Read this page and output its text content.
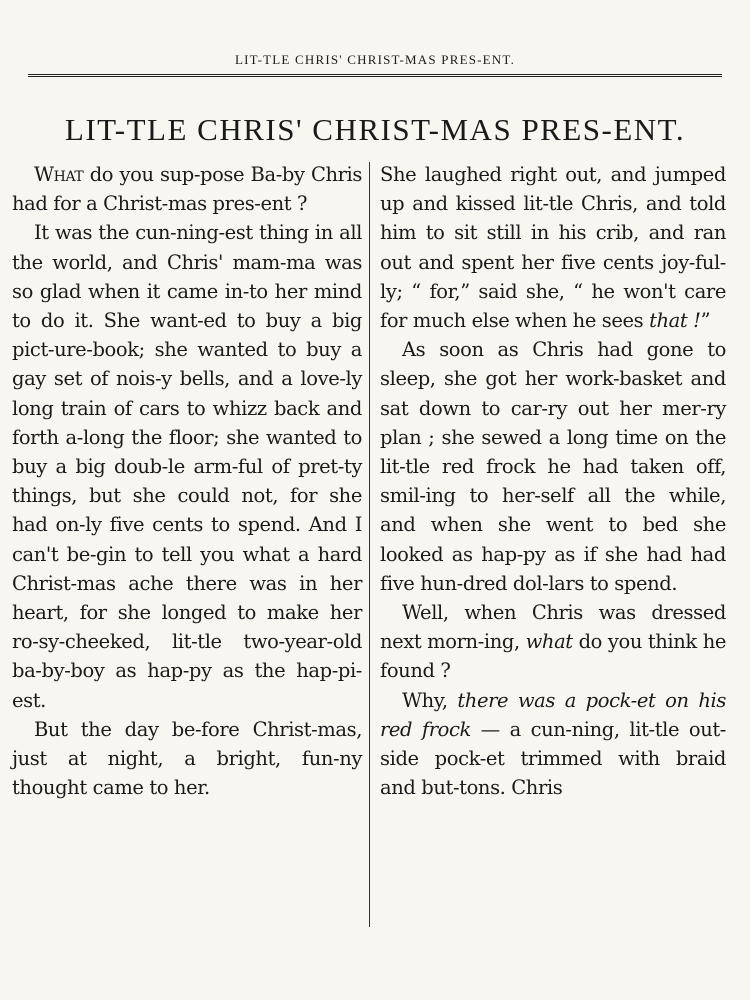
LIT-TLE CHRIS' CHRIST-MAS PRES-ENT.
LIT-TLE CHRIS' CHRIST-MAS PRES-ENT.

What do you sup-pose Ba-by Chris had for a Christ-mas pres-ent ?

It was the cun-ning-est thing in all the world, and Chris' mam-ma was so glad when it came in-to her mind to do it. She want-ed to buy a big pict-ure-book; she wanted to buy a gay set of nois-y bells, and a love-ly long train of cars to whizz back and forth a-long the floor; she wanted to buy a big doub-le arm-ful of pret-ty things, but she could not, for she had on-ly five cents to spend. And I can't be-gin to tell you what a hard Christ-mas ache there was in her heart, for she longed to make her ro-sy-cheeked, lit-tle two-year-old ba-by-boy as hap-py as the hap-pi-est.

But the day be-fore Christ-mas, just at night, a bright, fun-ny thought came to her.

She laughed right out, and jumped up and kissed lit-tle Chris, and told him to sit still in his crib, and ran out and spent her five cents joy-ful-ly; “ for,” said she, “ he won't care for much else when he sees that !”

As soon as Chris had gone to sleep, she got her work-basket and sat down to car-ry out her mer-ry plan ; she sewed a long time on the lit-tle red frock he had taken off, smil-ing to her-self all the while, and when she went to bed she looked as hap-py as if she had had five hun-dred dol-lars to spend.

Well, when Chris was dressed next morn-ing, what do you think he found ?

Why, there was a pock-et on his red frock — a cun-ning, lit-tle out-side pock-et trimmed with braid and but-tons. Chris
